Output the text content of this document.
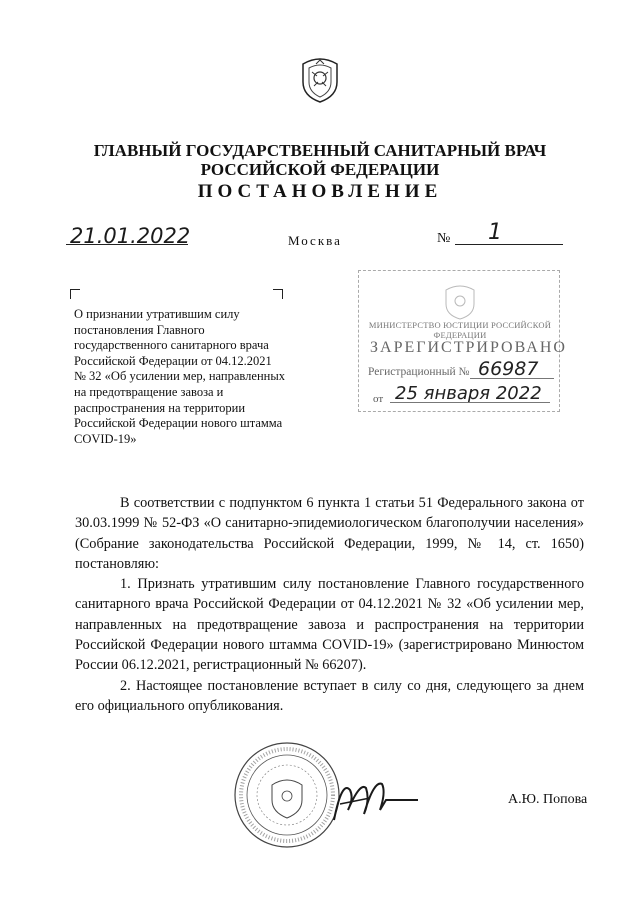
ГЛАВНЫЙ ГОСУДАРСТВЕННЫЙ САНИТАРНЫЙ ВРАЧ
РОССИЙСКОЙ ФЕДЕРАЦИИ
ПОСТАНОВЛЕНИЕ
21.01.2022	Москва	№ 1
О признании утратившим силу
постановления Главного
государственного санитарного врача
Российской Федерации от 04.12.2021
№ 32 «Об усилении мер, направленных
на предотвращение завоза и
распространения на территории
Российской Федерации нового штамма
COVID-19»
МИНИСТЕРСТВО ЮСТИЦИИ РОССИЙСКОЙ ФЕДЕРАЦИИ
ЗАРЕГИСТРИРОВАНО
Регистрационный № 66987
от 25 января 2022

В соответствии с подпунктом 6 пункта 1 статьи 51 Федерального закона от 30.03.1999 № 52-ФЗ «О санитарно-эпидемиологическом благополучии населения» (Собрание законодательства Российской Федерации, 1999, № 14, ст. 1650) постановляю:

1. Признать утратившим силу постановление Главного государственного санитарного врача Российской Федерации от 04.12.2021 № 32 «Об усилении мер, направленных на предотвращение завоза и распространения на территории Российской Федерации нового штамма COVID-19» (зарегистрировано Минюстом России 06.12.2021, регистрационный № 66207).

2. Настоящее постановление вступает в силу со дня, следующего за днем его официального опубликования.

А.Ю. Попова
